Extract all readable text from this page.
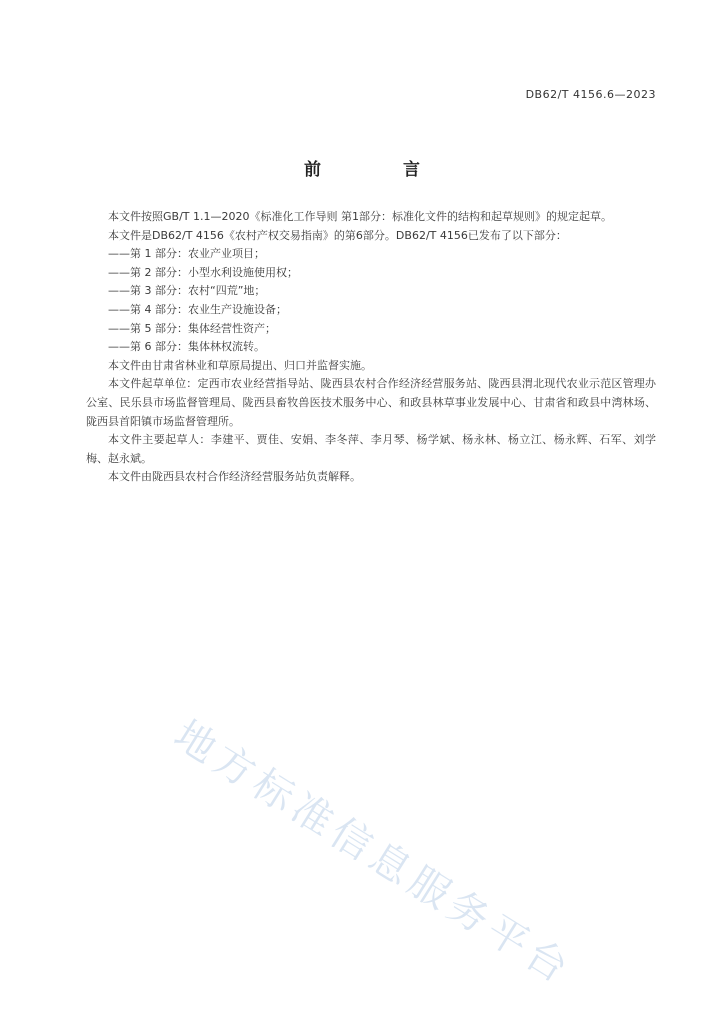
DB62/T 4156.6—2023
前 言

本文件按照GB/T 1.1—2020《标准化工作导则 第1部分：标准化文件的结构和起草规则》的规定起草。

本文件是DB62/T 4156《农村产权交易指南》的第6部分。DB62/T 4156已发布了以下部分：

——第 1 部分：农业产业项目；

——第 2 部分：小型水利设施使用权；

——第 3 部分：农村“四荒”地；

——第 4 部分：农业生产设施设备；

——第 5 部分：集体经营性资产；

——第 6 部分：集体林权流转。

本文件由甘肃省林业和草原局提出、归口并监督实施。

本文件起草单位：定西市农业经营指导站、陇西县农村合作经济经营服务站、陇西县渭北现代农业示范区管理办公室、民乐县市场监督管理局、陇西县畜牧兽医技术服务中心、和政县林草事业发展中心、甘肃省和政县中湾林场、陇西县首阳镇市场监督管理所。

本文件主要起草人：李建平、贾佳、安娟、李冬萍、李月琴、杨学斌、杨永林、杨立江、杨永辉、石军、刘学梅、赵永斌。

本文件由陇西县农村合作经济经营服务站负责解释。

地方标准信息服务平台
